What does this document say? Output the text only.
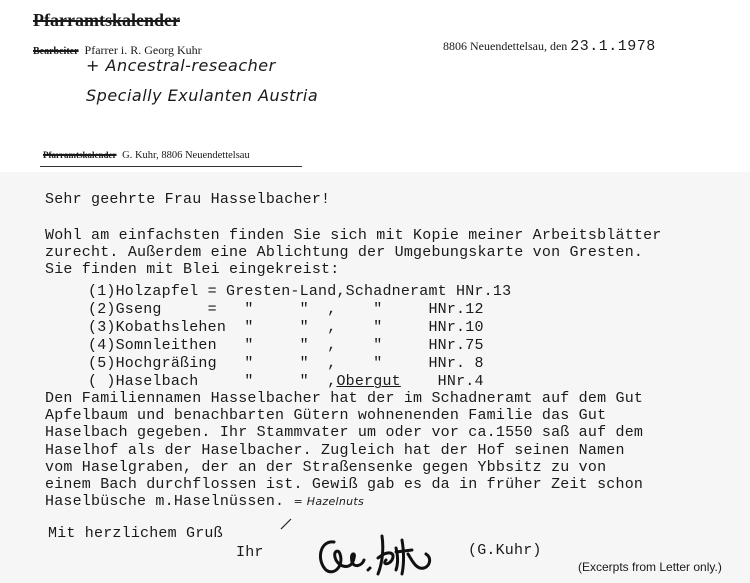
Pfarramtskalender
Bearbeiter Pfarrer i. R. Georg Kuhr	8806 Neuendettelsau, den 23.1.1978
+ Ancestral-reseacher
Specially Exulanten Austria
Pfarramtskalender G. Kuhr, 8806 Neuendettelsau
Sehr geehrte Frau Hasselbacher!
Wohl am einfachsten finden Sie sich mit Kopie meiner Arbeitsblätter
zurecht. Außerdem eine Ablichtung der Umgebungskarte von Gresten.
Sie finden mit Blei eingekreist:
(1)Holzapfel = Gresten-Land,Schadneramt HNr.13
(2)Gseng     =   "     "  ,    "     HNr.12
(3)Kobathslehen  "     "  ,    "     HNr.10
(4)Somnleithen   "     "  ,    "     HNr.75
(5)Hochgräßing   "     "  ,    "     HNr. 8
( )Haselbach     "     "  ,Obergut    HNr.4
Den Familiennamen Hasselbacher hat der im Schadneramt auf dem Gut
Apfelbaum und benachbarten Gütern wohnenenden Familie das Gut
Haselbach gegeben. Ihr Stammvater um oder vor ca.1550 saß auf dem
Haselhof als der Haselbacher. Zugleich hat der Hof seinen Namen
vom Haselgraben, der an der Straßensenke gegen Ybbsitz zu von
einem Bach durchflossen ist. Gewiß gab es da in früher Zeit schon
Haselbüsche m.Haselnüssen. = Hazelnuts
Mit herzlichem Gruß
Ihr	(G.Kuhr)
(Excerpts from Letter only.)
